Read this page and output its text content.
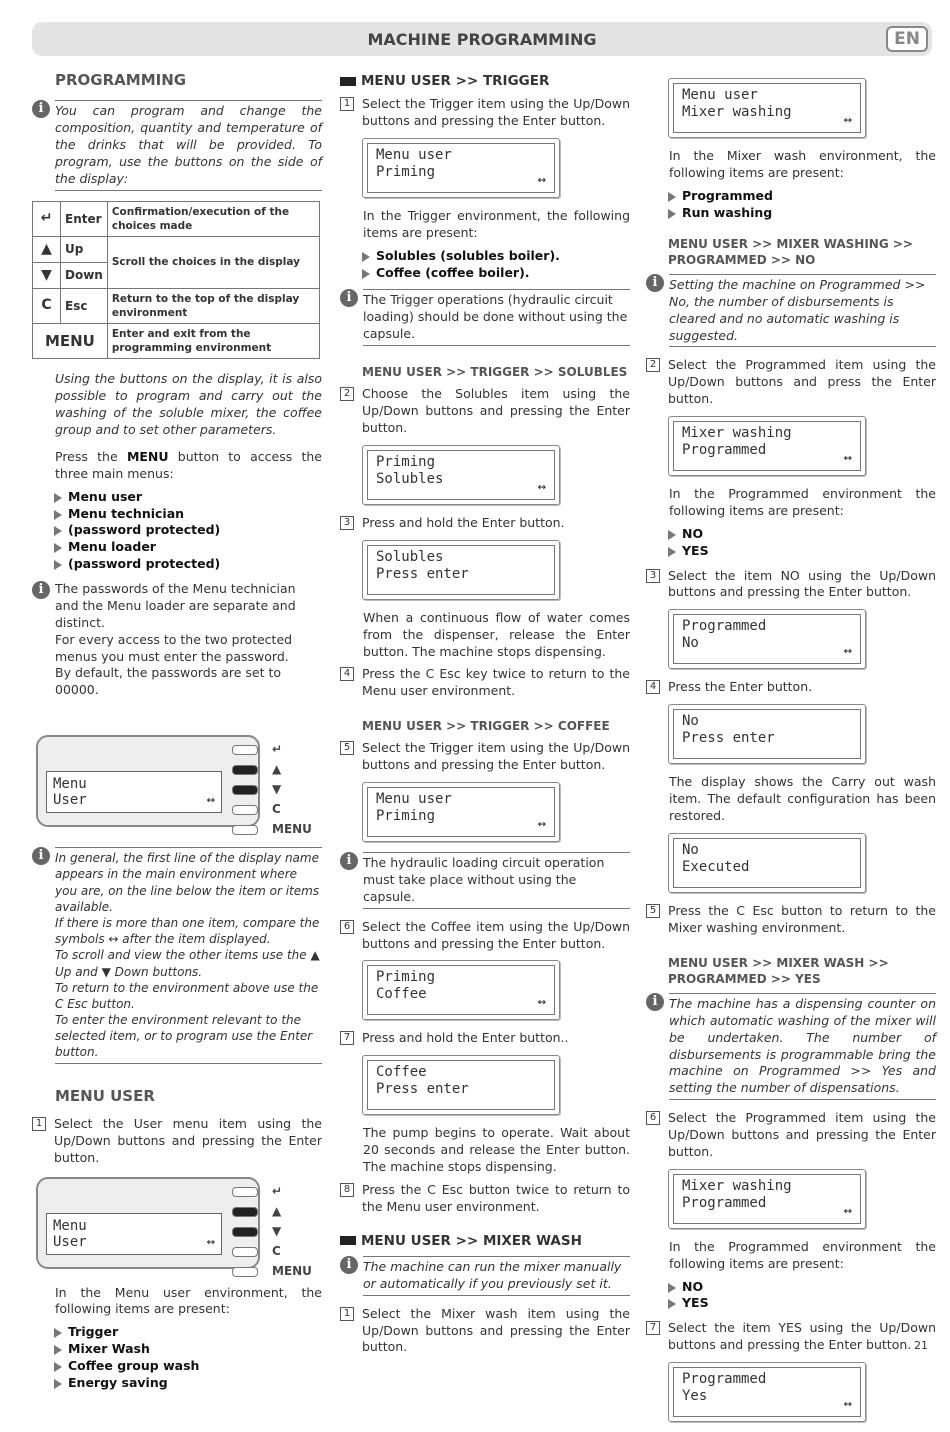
MACHINE PROGRAMMING	EN
PROGRAMMING
i You can program and change the composition, quantity and temperature of the drinks that will be provided. To program, use the buttons on the side of the display:
↵	Enter	Confirmation/execution of the choices made
▲	Up	Scroll the choices in the display
▼	Down	
C	Esc	Return to the top of the display environment
MENU		Enter and exit from the programming environment

Using the buttons on the display, it is also possible to program and carry out the washing of the soluble mixer, the coffee group and to set other parameters.

Press the MENU button to access the three main menus:

Menu user
Menu technician
(password protected)
Menu loader
(password protected)
i The passwords of the Menu technician and the Menu loader are separate and distinct.
For every access to the two protected menus you must enter the password.
By default, the passwords are set to 00000.
Menu
User	↔
↵
▲
▼
C
MENU
i In general, the first line of the display name appears in the main environment where you are, on the line below the item or items available.
If there is more than one item, compare the symbols ↔ after the item displayed.
To scroll and view the other items use the ▲ Up and ▼ Down buttons.
To return to the environment above use the C Esc button.
To enter the environment relevant to the selected item, or to program use the Enter button.
MENU USER
1 Select the User menu item using the Up/Down buttons and pressing the Enter button.
Menu
User	↔
↵
▲
▼
C
MENU

In the Menu user environment, the following items are present:

Trigger
Mixer Wash
Coffee group wash
Energy saving
MENU USER >> TRIGGER
1 Select the Trigger item using the Up/Down buttons and pressing the Enter button.
Menu user
Priming	↔

In the Trigger environment, the following items are present:

Solubles (solubles boiler).
Coffee (coffee boiler).
i The Trigger operations (hydraulic circuit loading) should be done without using the capsule.
MENU USER >> TRIGGER >> SOLUBLES
2 Choose the Solubles item using the Up/Down buttons and pressing the Enter button.
Priming
Solubles	↔
3 Press and hold the Enter button.
Solubles
Press enter

When a continuous flow of water comes from the dispenser, release the Enter button. The machine stops dispensing.

4 Press the C Esc key twice to return to the Menu user environment.
MENU USER >> TRIGGER >> COFFEE
5 Select the Trigger item using the Up/Down buttons and pressing the Enter button.
Menu user
Priming	↔
i The hydraulic loading circuit operation must take place without using the capsule.
6 Select the Coffee item using the Up/Down buttons and pressing the Enter button.
Priming
Coffee	↔
7 Press and hold the Enter button..
Coffee
Press enter

The pump begins to operate. Wait about 20 seconds and release the Enter button. The machine stops dispensing.

8 Press the C Esc button twice to return to the Menu user environment.
MENU USER >> MIXER WASH
i The machine can run the mixer manually or automatically if you previously set it.
1 Select the Mixer wash item using the Up/Down buttons and pressing the Enter button.
Menu user
Mixer washing	↔

In the Mixer wash environment, the following items are present:

Programmed
Run washing
MENU USER >> MIXER WASHING >> PROGRAMMED >> NO
i Setting the machine on Programmed >> No, the number of disbursements is cleared and no automatic washing is suggested.
2 Select the Programmed item using the Up/Down buttons and press the Enter button.
Mixer washing
Programmed	↔

In the Programmed environment the following items are present:

NO
YES
3 Select the item NO using the Up/Down buttons and pressing the Enter button.
Programmed
No	↔
4 Press the Enter button.
No
Press enter

The display shows the Carry out wash item. The default configuration has been restored.

No
Executed
5 Press the C Esc button to return to the Mixer washing environment.
MENU USER >> MIXER WASH >> PROGRAMMED >> YES
i The machine has a dispensing counter on which automatic washing of the mixer will be undertaken. The number of disbursements is programmable bring the machine on Programmed >> Yes and setting the number of dispensations.
6 Select the Programmed item using the Up/Down buttons and pressing the Enter button.
Mixer washing
Programmed	↔

In the Programmed environment the following items are present:

NO
YES
7 Select the item YES using the Up/Down buttons and pressing the Enter button.
Programmed
Yes	↔
21
